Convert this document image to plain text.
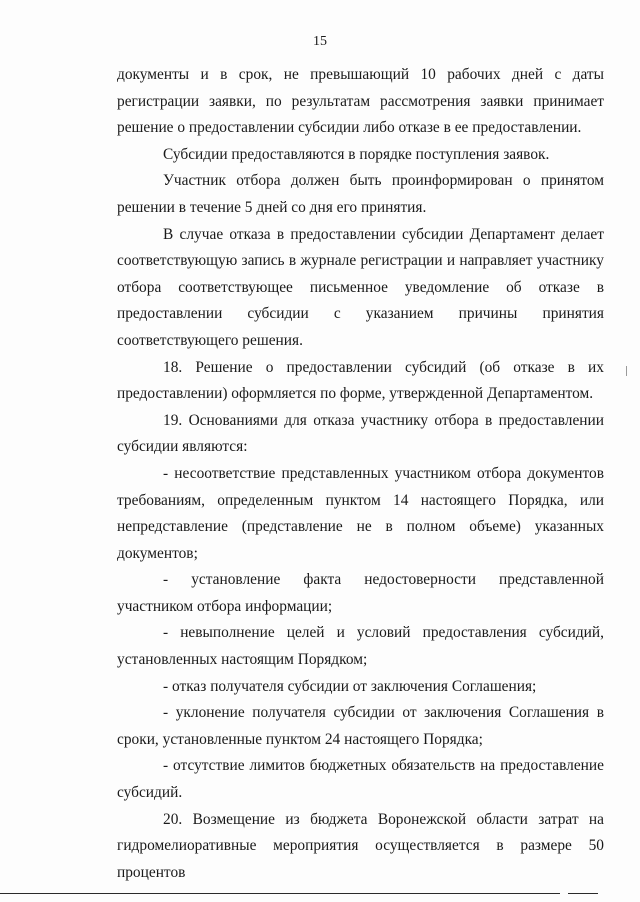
15

документы и в срок, не превышающий 10 рабочих дней с даты регистрации заявки, по результатам рассмотрения заявки принимает решение о предоставлении субсидии либо отказе в ее предоставлении.

Субсидии предоставляются в порядке поступления заявок.

Участник отбора должен быть проинформирован о принятом решении в течение 5 дней со дня его принятия.

В случае отказа в предоставлении субсидии Департамент делает соответствующую запись в журнале регистрации и направляет участнику отбора соответствующее письменное уведомление об отказе в предоставлении субсидии с указанием причины принятия соответствующего решения.

18. Решение о предоставлении субсидий (об отказе в их предоставлении) оформляется по форме, утвержденной Департаментом.

19. Основаниями для отказа участнику отбора в предоставлении субсидии являются:

- несоответствие представленных участником отбора документов требованиям, определенным пунктом 14 настоящего Порядка, или непредставление (представление не в полном объеме) указанных документов;

- установление факта недостоверности представленной участником отбора информации;

- невыполнение целей и условий предоставления субсидий, установленных настоящим Порядком;

- отказ получателя субсидии от заключения Соглашения;

- уклонение получателя субсидии от заключения Соглашения в сроки, установленные пунктом 24 настоящего Порядка;

- отсутствие лимитов бюджетных обязательств на предоставление субсидий.

20. Возмещение из бюджета Воронежской области затрат на гидромелиоративные мероприятия осуществляется в размере 50 процентов
